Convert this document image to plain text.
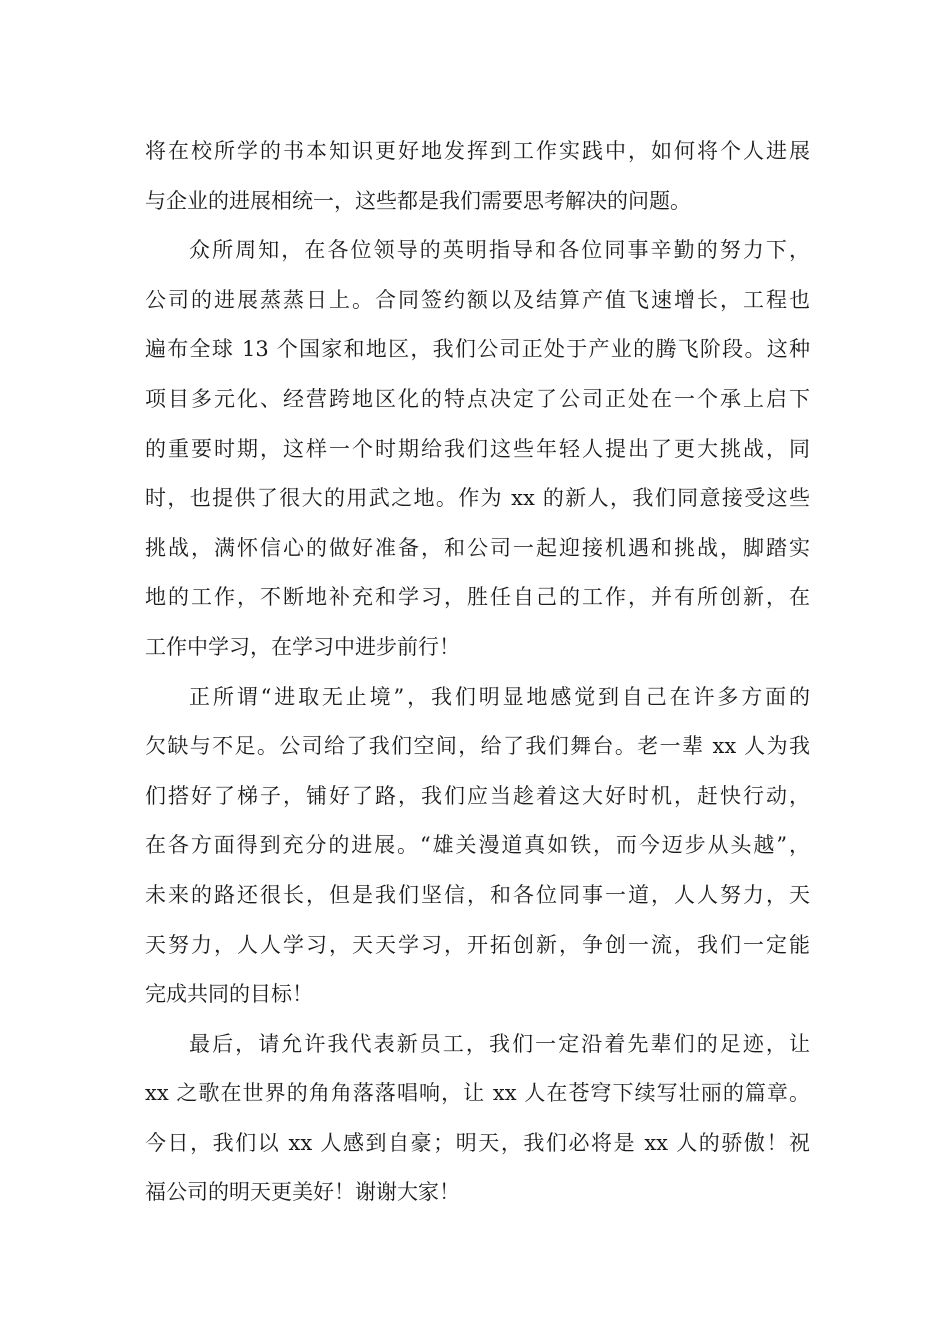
将在校所学的书本知识更好地发挥到工作实践中，如何将个人进展
与企业的进展相统一，这些都是我们需要思考解决的问题。
众所周知，在各位领导的英明指导和各位同事辛勤的努力下，
公司的进展蒸蒸日上。合同签约额以及结算产值飞速增长，工程也
遍布全球 13 个国家和地区，我们公司正处于产业的腾飞阶段。这种
项目多元化、经营跨地区化的特点决定了公司正处在一个承上启下
的重要时期，这样一个时期给我们这些年轻人提出了更大挑战，同
时，也提供了很大的用武之地。作为 xx 的新人，我们同意接受这些
挑战，满怀信心的做好准备，和公司一起迎接机遇和挑战，脚踏实
地的工作，不断地补充和学习，胜任自己的工作，并有所创新，在
工作中学习，在学习中进步前行！
正所谓“进取无止境”，我们明显地感觉到自己在许多方面的
欠缺与不足。公司给了我们空间，给了我们舞台。老一辈 xx 人为我
们搭好了梯子，铺好了路，我们应当趁着这大好时机，赶快行动，
在各方面得到充分的进展。“雄关漫道真如铁，而今迈步从头越”，
未来的路还很长，但是我们坚信，和各位同事一道，人人努力，天
天努力，人人学习，天天学习，开拓创新，争创一流，我们一定能
完成共同的目标！
最后，请允许我代表新员工，我们一定沿着先辈们的足迹，让
xx 之歌在世界的角角落落唱响，让 xx 人在苍穹下续写壮丽的篇章。
今日，我们以 xx 人感到自豪；明天，我们必将是 xx 人的骄傲！祝
福公司的明天更美好！谢谢大家！
